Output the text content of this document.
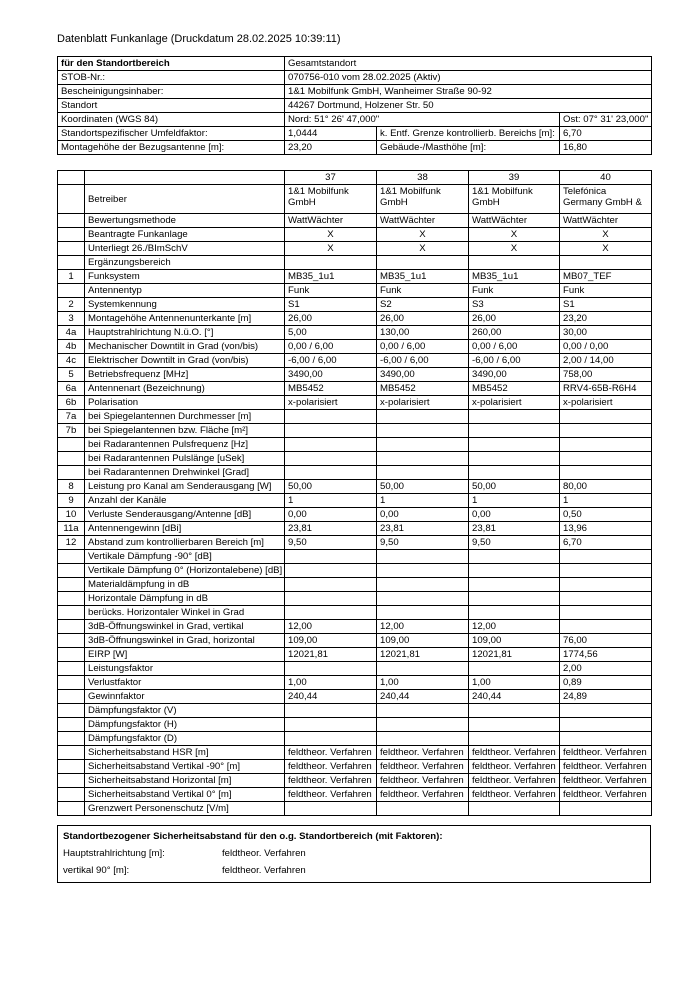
Datenblatt Funkanlage (Druckdatum 28.02.2025 10:39:11)
für den Standortbereich	Gesamtstandort		
STOB-Nr.:	070756-010 vom 28.02.2025 (Aktiv)		
Bescheinigungsinhaber:	1&1 Mobilfunk GmbH, Wanheimer Straße 90-92		
Standort	44267 Dortmund, Holzener Str. 50		
Koordinaten (WGS 84)	Nord: 51° 26' 47,000"		Ost: 07° 31' 23,000"
Standortspezifischer Umfeldfaktor:	1,0444	k. Entf. Grenze kontrollierb. Bereichs [m]:	6,70
Montagehöhe der Bezugsantenne [m]:	23,20	Gebäude-/Masthöhe [m]:	16,80
		37	38	39	40
	Betreiber	1&1 Mobilfunk GmbH	1&1 Mobilfunk GmbH	1&1 Mobilfunk GmbH	Telefónica Germany GmbH &
	Bewertungsmethode	WattWächter	WattWächter	WattWächter	WattWächter
	Beantragte Funkanlage	X	X	X	X
	Unterliegt 26./BImSchV	X	X	X	X
	Ergänzungsbereich				
1	Funksystem	MB35_1u1	MB35_1u1	MB35_1u1	MB07_TEF
	Antennentyp	Funk	Funk	Funk	Funk
2	Systemkennung	S1	S2	S3	S1
3	Montagehöhe Antennenunterkante [m]	26,00	26,00	26,00	23,20
4a	Hauptstrahlrichtung N.ü.O. [°]	5,00	130,00	260,00	30,00
4b	Mechanischer Downtilt in Grad (von/bis)	0,00 / 6,00	0,00 / 6,00	0,00 / 6,00	0,00 / 0,00
4c	Elektrischer Downtilt in Grad (von/bis)	-6,00 / 6,00	-6,00 / 6,00	-6,00 / 6,00	2,00 / 14,00
5	Betriebsfrequenz [MHz]	3490,00	3490,00	3490,00	758,00
6a	Antennenart (Bezeichnung)	MB5452	MB5452	MB5452	RRV4-65B-R6H4
6b	Polarisation	x-polarisiert	x-polarisiert	x-polarisiert	x-polarisiert
7a	bei Spiegelantennen Durchmesser [m]				
7b	bei Spiegelantennen bzw. Fläche [m²]				
	bei Radarantennen Pulsfrequenz [Hz]				
	bei Radarantennen Pulslänge [uSek]				
	bei Radarantennen Drehwinkel [Grad]				
8	Leistung pro Kanal am Senderausgang [W]	50,00	50,00	50,00	80,00
9	Anzahl der Kanäle	1	1	1	1
10	Verluste Senderausgang/Antenne [dB]	0,00	0,00	0,00	0,50
11a	Antennengewinn [dBi]	23,81	23,81	23,81	13,96
12	Abstand zum kontrollierbaren Bereich [m]	9,50	9,50	9,50	6,70
	Vertikale Dämpfung -90° [dB]				
	Vertikale Dämpfung 0° (Horizontalebene) [dB]				
	Materialdämpfung in dB				
	Horizontale Dämpfung in dB				
	berücks. Horizontaler Winkel in Grad				
	3dB-Öffnungswinkel in Grad, vertikal	12,00	12,00	12,00	
	3dB-Öffnungswinkel in Grad, horizontal	109,00	109,00	109,00	76,00
	EIRP [W]	12021,81	12021,81	12021,81	1774,56
	Leistungsfaktor				2,00
	Verlustfaktor	1,00	1,00	1,00	0,89
	Gewinnfaktor	240,44	240,44	240,44	24,89
	Dämpfungsfaktor (V)				
	Dämpfungsfaktor (H)				
	Dämpfungsfaktor (D)				
	Sicherheitsabstand HSR [m]	feldtheor. Verfahren	feldtheor. Verfahren	feldtheor. Verfahren	feldtheor. Verfahren
	Sicherheitsabstand Vertikal -90° [m]	feldtheor. Verfahren	feldtheor. Verfahren	feldtheor. Verfahren	feldtheor. Verfahren
	Sicherheitsabstand Horizontal [m]	feldtheor. Verfahren	feldtheor. Verfahren	feldtheor. Verfahren	feldtheor. Verfahren
	Sicherheitsabstand Vertikal 0° [m]	feldtheor. Verfahren	feldtheor. Verfahren	feldtheor. Verfahren	feldtheor. Verfahren
	Grenzwert Personenschutz [V/m]				
Standortbezogener Sicherheitsabstand für den o.g. Standortbereich (mit Faktoren):
Hauptstrahlrichtung [m]:	feldtheor. Verfahren
vertikal 90° [m]:	feldtheor. Verfahren
